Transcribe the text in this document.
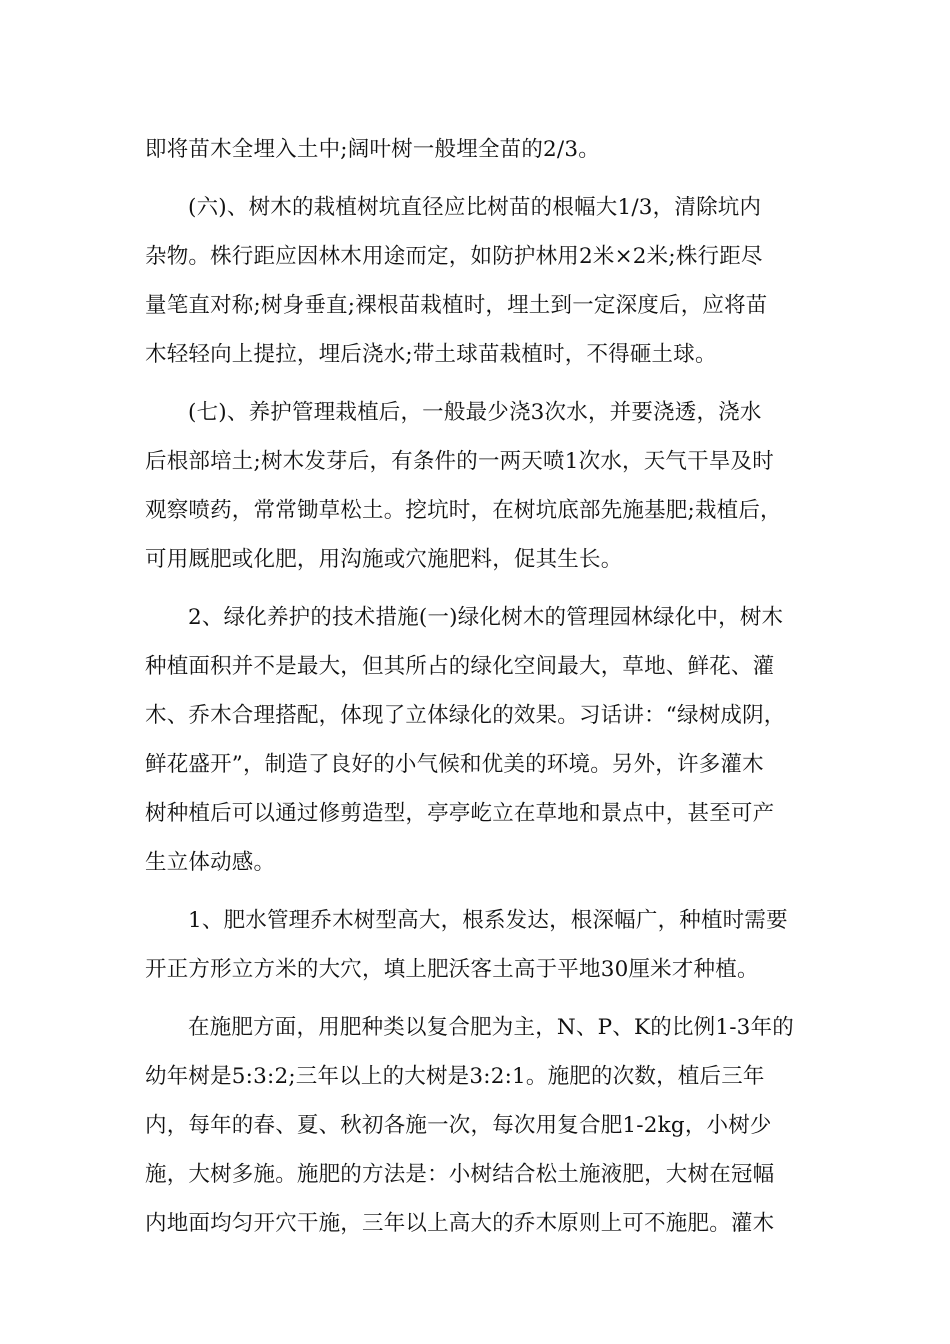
即将苗木全埋入土中;阔叶树一般埋全苗的2/3。
(六)、树木的栽植树坑直径应比树苗的根幅大1/3，清除坑内
杂物。株行距应因林木用途而定，如防护林用2米×2米;株行距尽
量笔直对称;树身垂直;裸根苗栽植时，埋土到一定深度后，应将苗
木轻轻向上提拉，埋后浇水;带土球苗栽植时，不得砸土球。
(七)、养护管理栽植后，一般最少浇3次水，并要浇透，浇水
后根部培土;树木发芽后，有条件的一两天喷1次水，天气干旱及时
观察喷药，常常锄草松土。挖坑时，在树坑底部先施基肥;栽植后，
可用厩肥或化肥，用沟施或穴施肥料，促其生长。
2、绿化养护的技术措施(一)绿化树木的管理园林绿化中，树木
种植面积并不是最大，但其所占的绿化空间最大，草地、鲜花、灌
木、乔木合理搭配，体现了立体绿化的效果。习话讲：“绿树成阴，
鲜花盛开”，制造了良好的小气候和优美的环境。另外，许多灌木
树种植后可以通过修剪造型，亭亭屹立在草地和景点中，甚至可产
生立体动感。
1、肥水管理乔木树型高大，根系发达，根深幅广，种植时需要
开正方形立方米的大穴，填上肥沃客土高于平地30厘米才种植。
在施肥方面，用肥种类以复合肥为主，N、P、K的比例1-3年的
幼年树是5:3:2;三年以上的大树是3:2:1。施肥的次数，植后三年
内，每年的春、夏、秋初各施一次，每次用复合肥1-2kg，小树少
施，大树多施。施肥的方法是：小树结合松土施液肥，大树在冠幅
内地面均匀开穴干施，三年以上高大的乔木原则上可不施肥。灌木
